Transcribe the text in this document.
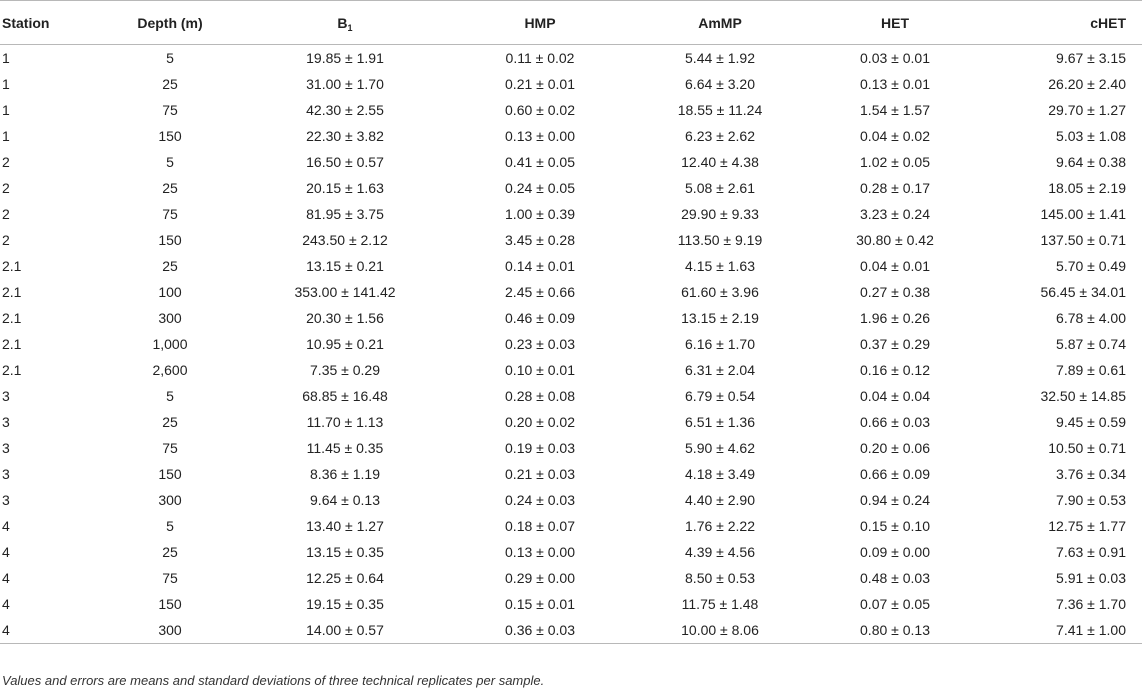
Station	Depth (m)	$B_1$	HMP	AmMP	HET	cHET
1	5	19.85 ± 1.91	0.11 ± 0.02	5.44 ± 1.92	0.03 ± 0.01	9.67 ± 3.15
1	25	31.00 ± 1.70	0.21 ± 0.01	6.64 ± 3.20	0.13 ± 0.01	26.20 ± 2.40
1	75	42.30 ± 2.55	0.60 ± 0.02	18.55 ± 11.24	1.54 ± 1.57	29.70 ± 1.27
1	150	22.30 ± 3.82	0.13 ± 0.00	6.23 ± 2.62	0.04 ± 0.02	5.03 ± 1.08
2	5	16.50 ± 0.57	0.41 ± 0.05	12.40 ± 4.38	1.02 ± 0.05	9.64 ± 0.38
2	25	20.15 ± 1.63	0.24 ± 0.05	5.08 ± 2.61	0.28 ± 0.17	18.05 ± 2.19
2	75	81.95 ± 3.75	1.00 ± 0.39	29.90 ± 9.33	3.23 ± 0.24	145.00 ± 1.41
2	150	243.50 ± 2.12	3.45 ± 0.28	113.50 ± 9.19	30.80 ± 0.42	137.50 ± 0.71
2.1	25	13.15 ± 0.21	0.14 ± 0.01	4.15 ± 1.63	0.04 ± 0.01	5.70 ± 0.49
2.1	100	353.00 ± 141.42	2.45 ± 0.66	61.60 ± 3.96	0.27 ± 0.38	56.45 ± 34.01
2.1	300	20.30 ± 1.56	0.46 ± 0.09	13.15 ± 2.19	1.96 ± 0.26	6.78 ± 4.00
2.1	1,000	10.95 ± 0.21	0.23 ± 0.03	6.16 ± 1.70	0.37 ± 0.29	5.87 ± 0.74
2.1	2,600	7.35 ± 0.29	0.10 ± 0.01	6.31 ± 2.04	0.16 ± 0.12	7.89 ± 0.61
3	5	68.85 ± 16.48	0.28 ± 0.08	6.79 ± 0.54	0.04 ± 0.04	32.50 ± 14.85
3	25	11.70 ± 1.13	0.20 ± 0.02	6.51 ± 1.36	0.66 ± 0.03	9.45 ± 0.59
3	75	11.45 ± 0.35	0.19 ± 0.03	5.90 ± 4.62	0.20 ± 0.06	10.50 ± 0.71
3	150	8.36 ± 1.19	0.21 ± 0.03	4.18 ± 3.49	0.66 ± 0.09	3.76 ± 0.34
3	300	9.64 ± 0.13	0.24 ± 0.03	4.40 ± 2.90	0.94 ± 0.24	7.90 ± 0.53
4	5	13.40 ± 1.27	0.18 ± 0.07	1.76 ± 2.22	0.15 ± 0.10	12.75 ± 1.77
4	25	13.15 ± 0.35	0.13 ± 0.00	4.39 ± 4.56	0.09 ± 0.00	7.63 ± 0.91
4	75	12.25 ± 0.64	0.29 ± 0.00	8.50 ± 0.53	0.48 ± 0.03	5.91 ± 0.03
4	150	19.15 ± 0.35	0.15 ± 0.01	11.75 ± 1.48	0.07 ± 0.05	7.36 ± 1.70
4	300	14.00 ± 0.57	0.36 ± 0.03	10.00 ± 8.06	0.80 ± 0.13	7.41 ± 1.00
Values and errors are means and standard deviations of three technical replicates per sample.
